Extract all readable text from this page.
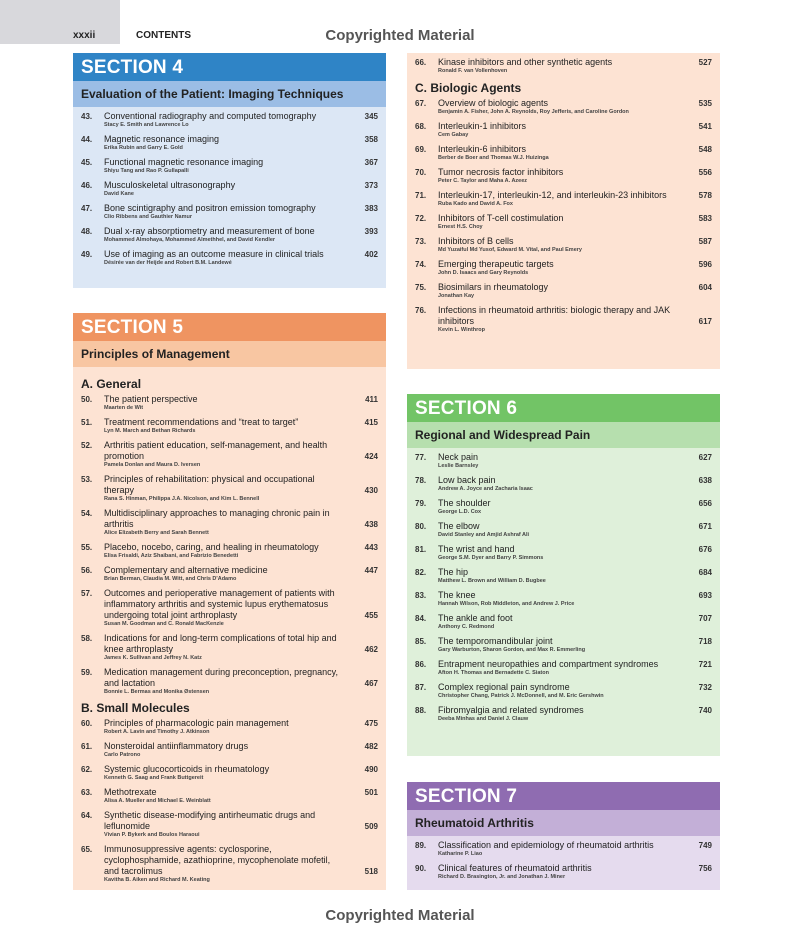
xxxii	CONTENTS	Copyrighted Material
SECTION 4
Evaluation of the Patient: Imaging Techniques
43. Conventional radiography and computed tomography
Stacy E. Smith and Lawrence Lo
345
44. Magnetic resonance imaging
Erika Rubin and Garry E. Gold
358
45. Functional magnetic resonance imaging
Shiyu Tang and Rao P. Gullapalli
367
46. Musculoskeletal ultrasonography
David Kane
373
47. Bone scintigraphy and positron emission tomography
Clio Ribbens and Gauthier Namur
383
48. Dual x-ray absorptiometry and measurement of bone
Mohammed Almohaya, Mohammed Almethhel, and David Kendler
393
49. Use of imaging as an outcome measure in clinical trials
Désirée van der Heijde and Robert B.M. Landewé
402
SECTION 5
Principles of Management
A. General
50. The patient perspective
Maarten de Wit
411
51. Treatment recommendations and “treat to target”
Lyn M. March and Bethan Richards
415
52. Arthritis patient education, self-management, and health promotion
Pamela Donlan and Maura D. Iversen
424
53. Principles of rehabilitation: physical and occupational therapy
Rana S. Hinman, Philippa J.A. Nicolson, and Kim L. Bennell
430
54. Multidisciplinary approaches to managing chronic pain in arthritis
Alice Elizabeth Berry and Sarah Bennett
438
55. Placebo, nocebo, caring, and healing in rheumatology
Elisa Frisaldi, Aziz Shaibani, and Fabrizio Benedetti
443
56. Complementary and alternative medicine
Brian Berman, Claudia M. Witt, and Chris D'Adamo
447
57. Outcomes and perioperative management of patients with inflammatory arthritis and systemic lupus erythematosus undergoing total joint arthroplasty
Susan M. Goodman and C. Ronald MacKenzie
455
58. Indications for and long-term complications of total hip and knee arthroplasty
James K. Sullivan and Jeffrey N. Katz
462
59. Medication management during preconception, pregnancy, and lactation
Bonnie L. Bermas and Monika Østensen
467
B. Small Molecules
60. Principles of pharmacologic pain management
Robert A. Lavin and Timothy J. Atkinson
475
61. Nonsteroidal antiinflammatory drugs
Carlo Patrono
482
62. Systemic glucocorticoids in rheumatology
Kenneth G. Saag and Frank Buttgereit
490
63. Methotrexate
Alisa A. Mueller and Michael E. Weinblatt
501
64. Synthetic disease-modifying antirheumatic drugs and leflunomide
Vivian P. Bykerk and Boulos Haraoui
509
65. Immunosuppressive agents: cyclosporine, cyclophosphamide, azathioprine, mycophenolate mofetil, and tacrolimus
Kavitha B. Aiken and Richard M. Keating
518
66. Kinase inhibitors and other synthetic agents
Ronald F. van Vollenhoven
527
C. Biologic Agents
67. Overview of biologic agents
Benjamin A. Fisher, John A. Reynolds, Roy Jefferis, and Caroline Gordon
535
68. Interleukin-1 inhibitors
Cem Gabay
541
69. Interleukin-6 inhibitors
Berber de Boer and Thomas W.J. Huizinga
548
70. Tumor necrosis factor inhibitors
Peter C. Taylor and Maha A. Azeez
556
71. Interleukin-17, interleukin-12, and interleukin-23 inhibitors
Ruba Kado and David A. Fox
578
72. Inhibitors of T-cell costimulation
Ernest H.S. Choy
583
73. Inhibitors of B cells
Md Yuzaiful Md Yusof, Edward M. Vital, and Paul Emery
587
74. Emerging therapeutic targets
John D. Isaacs and Gary Reynolds
596
75. Biosimilars in rheumatology
Jonathan Kay
604
76. Infections in rheumatoid arthritis: biologic therapy and JAK inhibitors
Kevin L. Winthrop
617
SECTION 6
Regional and Widespread Pain
77. Neck pain
Leslie Barnsley
627
78. Low back pain
Andrew A. Joyce and Zacharia Isaac
638
79. The shoulder
George L.D. Cox
656
80. The elbow
David Stanley and Amjid Ashraf Ali
671
81. The wrist and hand
George S.M. Dyer and Barry P. Simmons
676
82. The hip
Matthew L. Brown and William D. Bugbee
684
83. The knee
Hannah Wilson, Rob Middleton, and Andrew J. Price
693
84. The ankle and foot
Anthony C. Redmond
707
85. The temporomandibular joint
Gary Warburton, Sharon Gordon, and Max R. Emmerling
718
86. Entrapment neuropathies and compartment syndromes
Afton H. Thomas and Bernadette C. Siaton
721
87. Complex regional pain syndrome
Christopher Chang, Patrick J. McDonnell, and M. Eric Gershwin
732
88. Fibromyalgia and related syndromes
Deeba Minhas and Daniel J. Clauw
740
SECTION 7
Rheumatoid Arthritis
89. Classification and epidemiology of rheumatoid arthritis
Katharine P. Liao
749
90. Clinical features of rheumatoid arthritis
Richard D. Brasington, Jr. and Jonathan J. Miner
756
Copyrighted Material
